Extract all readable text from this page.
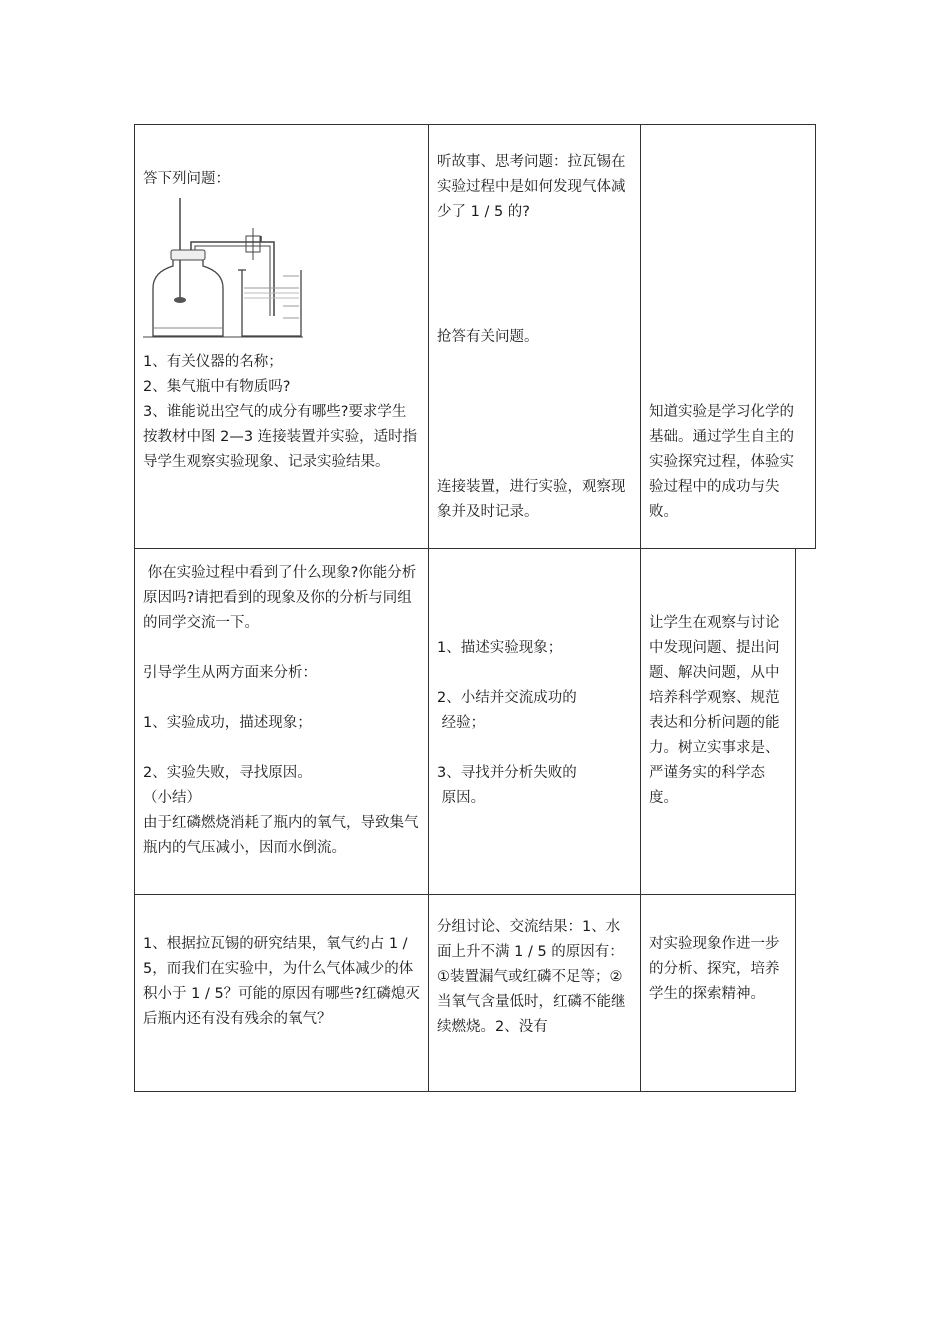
答下列问题：

1、有关仪器的名称；

2、集气瓶中有物质吗?

3、谁能说出空气的成分有哪些?要求学生按教材中图 2—3 连接装置并实验，适时指导学生观察实验现象、记录实验结果。

听故事、思考问题：拉瓦锡在实验过程中是如何发现气体减少了 1 / 5 的?

抢答有关问题。

连接装置，进行实验，观察现象并及时记录。

知道实验是学习化学的基础。通过学生自主的实验探究过程，体验实验过程中的成功与失败。

你在实验过程中看到了什么现象?你能分析原因吗?请把看到的现象及你的分析与同组的同学交流一下。

引导学生从两方面来分析：

1、实验成功，描述现象；

2、实验失败，寻找原因。

（小结）

由于红磷燃烧消耗了瓶内的氧气，导致集气瓶内的气压减小，因而水倒流。

1、描述实验现象；

2、小结并交流成功的

经验；

3、寻找并分析失败的

原因。

让学生在观察与讨论中发现问题、提出问题、解决问题，从中培养科学观察、规范表达和分析问题的能力。树立实事求是、严谨务实的科学态度。

1、根据拉瓦锡的研究结果，氧气约占 1 / 5，而我们在实验中，为什么气体减少的体积小于 1 / 5？可能的原因有哪些?红磷熄灭后瓶内还有没有残余的氧气？

分组讨论、交流结果：1、水面上升不满 1 / 5 的原因有：①装置漏气或红磷不足等；②当氧气含量低时，红磷不能继续燃烧。2、没有

对实验现象作进一步的分析、探究，培养学生的探索精神。
